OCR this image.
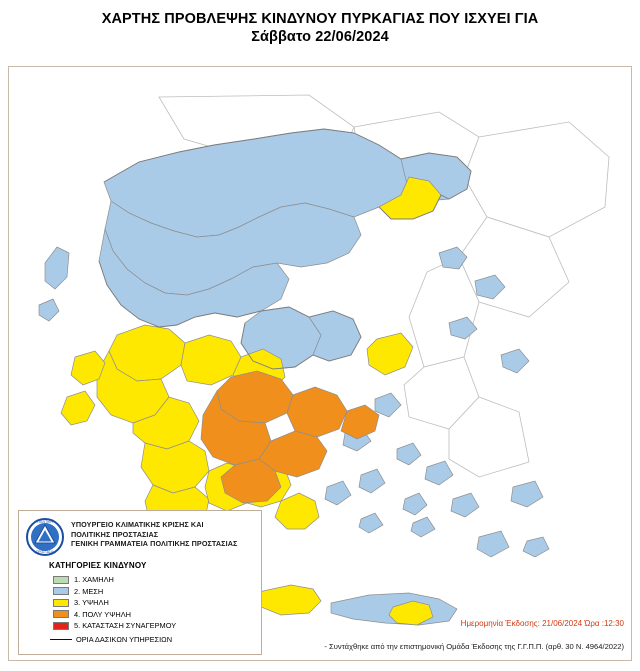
ΧΑΡΤΗΣ ΠΡΟΒΛΕΨΗΣ ΚΙΝΔΥΝΟΥ ΠΥΡΚΑΓΙΑΣ ΠΟΥ ΙΣΧΥΕΙ ΓΙΑ
Σάββατο 22/06/2024
ΠΟΛΙΤΙΚΗ
ΠΡΟΣΤΑΣΙΑ
ΥΠΟΥΡΓΕΙΟ ΚΛΙΜΑΤΙΚΗΣ ΚΡΙΣΗΣ ΚΑΙ
ΠΟΛΙΤΙΚΗΣ ΠΡΟΣΤΑΣΙΑΣ
ΓΕΝΙΚΗ ΓΡΑΜΜΑΤΕΙΑ ΠΟΛΙΤΙΚΗΣ ΠΡΟΣΤΑΣΙΑΣ
ΚΑΤΗΓΟΡΙΕΣ ΚΙΝΔΥΝΟΥ
1. ΧΑΜΗΛΗ
2. ΜΕΣΗ
3. ΥΨΗΛΗ
4. ΠΟΛΥ ΥΨΗΛΗ
5. ΚΑΤΑΣΤΑΣΗ ΣΥΝΑΓΕΡΜΟΥ
ΟΡΙΑ ΔΑΣΙΚΩΝ ΥΠΗΡΕΣΙΩΝ
Ημερομηνία Έκδοσης: 21/06/2024 Ώρα :12:30
- Συντάχθηκε από την επιστημονική Ομάδα Έκδοσης της Γ.Γ.Π.Π. (αρθ. 30 Ν. 4964/2022)
